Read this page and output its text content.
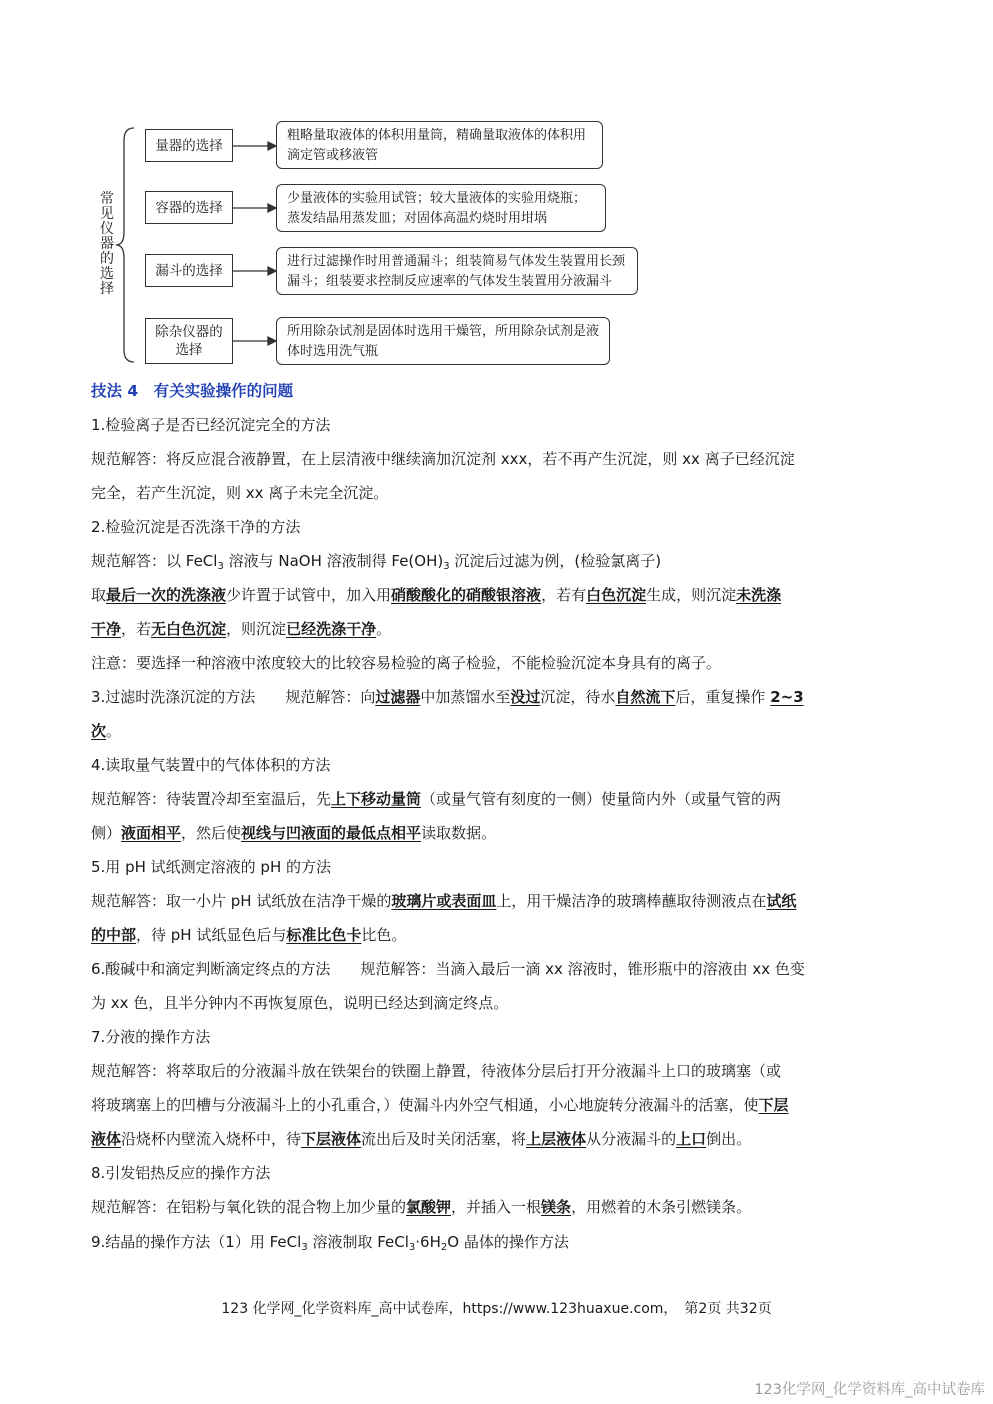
常见仪器的选择
量器的选择
容器的选择
漏斗的选择
除杂仪器的选择
粗略量取液体的体积用量筒，精确量取液体的体积用滴定管或移液管
少量液体的实验用试管；较大量液体的实验用烧瓶；蒸发结晶用蒸发皿；对固体高温灼烧时用坩埚
进行过滤操作时用普通漏斗；组装简易气体发生装置用长颈漏斗；组装要求控制反应速率的气体发生装置用分液漏斗
所用除杂试剂是固体时选用干燥管，所用除杂试剂是液体时选用洗气瓶
技法 4　有关实验操作的问题
1.检验离子是否已经沉淀完全的方法
规范解答：将反应混合液静置，在上层清液中继续滴加沉淀剂 xxx，若不再产生沉淀，则 xx 离子已经沉淀
完全，若产生沉淀，则 xx 离子未完全沉淀。
2.检验沉淀是否洗涤干净的方法
规范解答：以 FeCl$_3$ 溶液与 NaOH 溶液制得 $Fe(OH)_3$ 沉淀后过滤为例，(检验氯离子)
取最后一次的洗涤液少许置于试管中，加入用硝酸酸化的硝酸银溶液，若有白色沉淀生成，则沉淀未洗涤
干净，若无白色沉淀，则沉淀已经洗涤干净。
注意：要选择一种溶液中浓度较大的比较容易检验的离子检验，不能检验沉淀本身具有的离子。
3.过滤时洗涤沉淀的方法　　规范解答：向过滤器中加蒸馏水至没过沉淀，待水自然流下后，重复操作 2~3
次。
4.读取量气装置中的气体体积的方法
规范解答：待装置冷却至室温后，先上下移动量筒（或量气管有刻度的一侧）使量筒内外（或量气管的两
侧）液面相平，然后使视线与凹液面的最低点相平读取数据。
5.用 pH 试纸测定溶液的 pH 的方法
规范解答：取一小片 pH 试纸放在洁净干燥的玻璃片或表面皿上，用干燥洁净的玻璃棒蘸取待测液点在试纸
的中部，待 pH 试纸显色后与标准比色卡比色。
6.酸碱中和滴定判断滴定终点的方法　　规范解答：当滴入最后一滴 xx 溶液时，锥形瓶中的溶液由 xx 色变
为 xx 色，且半分钟内不再恢复原色，说明已经达到滴定终点。
7.分液的操作方法
规范解答：将萃取后的分液漏斗放在铁架台的铁圈上静置，待液体分层后打开分液漏斗上口的玻璃塞（或
将玻璃塞上的凹槽与分液漏斗上的小孔重合，）使漏斗内外空气相通，小心地旋转分液漏斗的活塞，使下层
液体沿烧杯内壁流入烧杯中，待下层液体流出后及时关闭活塞，将上层液体从分液漏斗的上口倒出。
8.引发铝热反应的操作方法
规范解答：在铝粉与氧化铁的混合物上加少量的氯酸钾，并插入一根镁条，用燃着的木条引燃镁条。
9.结晶的操作方法（1）用 FeCl$_3$ 溶液制取 $FeCl_3\cdot 6H_2O$ 晶体的操作方法
123 化学网_化学资料库_高中试卷库，https://www.123huaxue.com，　第2页 共32页
123化学网_化学资料库_高中试卷库
